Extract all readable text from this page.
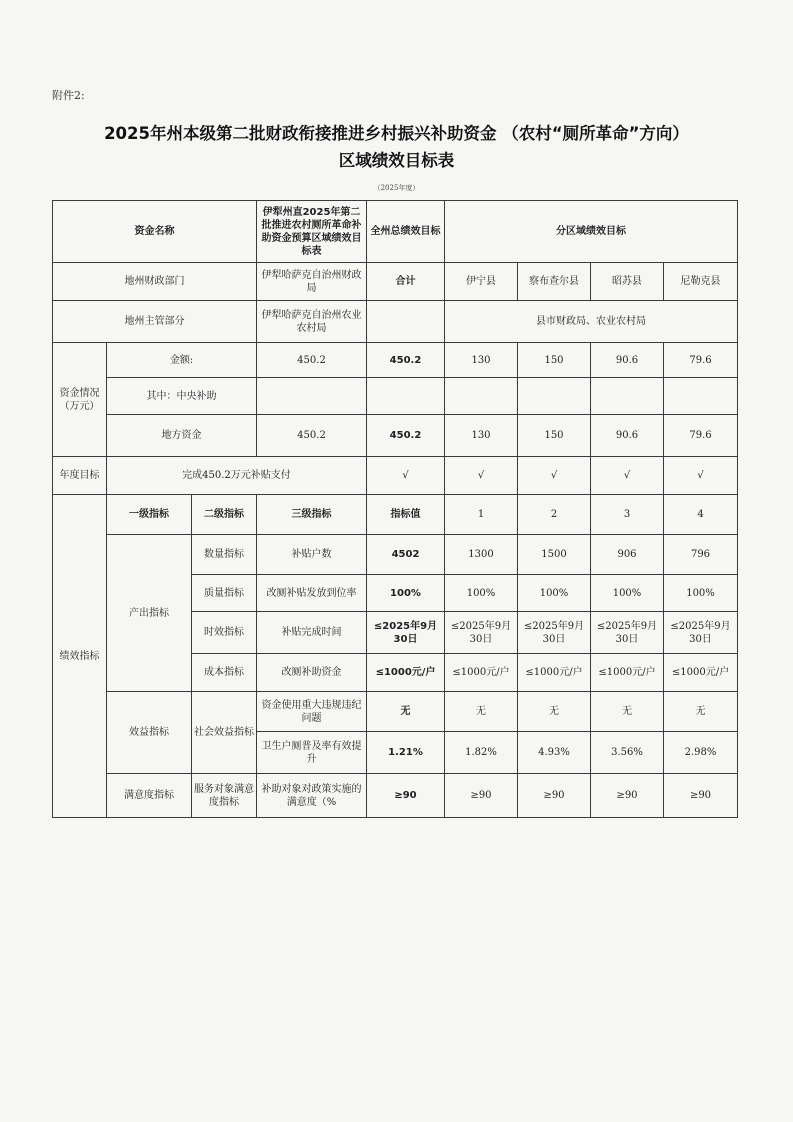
附件2:
2025年州本级第二批财政衔接推进乡村振兴补助资金 （农村“厕所革命”方向）
区域绩效目标表
（2025年度）
资金名称			伊犁州直2025年第二批推进农村厕所革命补助资金预算区域绩效目标表	全州总绩效目标	分区域绩效目标			
地州财政部门			伊犁哈萨克自治州财政局	合计	伊宁县	察布查尔县	昭苏县	尼勒克县
地州主管部分			伊犁哈萨克自治州农业农村局		县市财政局、农业农村局			
资金情况（万元）	金额:		450.2	450.2	130	150	90.6	79.6
	其中：中央补助							
	地方资金		450.2	450.2	130	150	90.6	79.6
年度目标	完成450.2万元补贴支付			√	√	√	√	√
绩效指标	一级指标	二级指标	三级指标	指标值	1	2	3	4
	产出指标	数量指标	补贴户数	4502	1300	1500	906	796
		质量指标	改厕补贴发放到位率	100%	100%	100%	100%	100%
		时效指标	补贴完成时间	≤2025年9月30日	≤2025年9月30日	≤2025年9月30日	≤2025年9月30日	≤2025年9月30日
		成本指标	改厕补助资金	≤1000元/户	≤1000元/户	≤1000元/户	≤1000元/户	≤1000元/户
	效益指标	社会效益指标	资金使用重大违规违纪问题	无	无	无	无	无
			卫生户厕普及率有效提升	1.21%	1.82%	4.93%	3.56%	2.98%
	满意度指标	服务对象满意度指标	补助对象对政策实施的满意度（%	≥90	≥90	≥90	≥90	≥90
